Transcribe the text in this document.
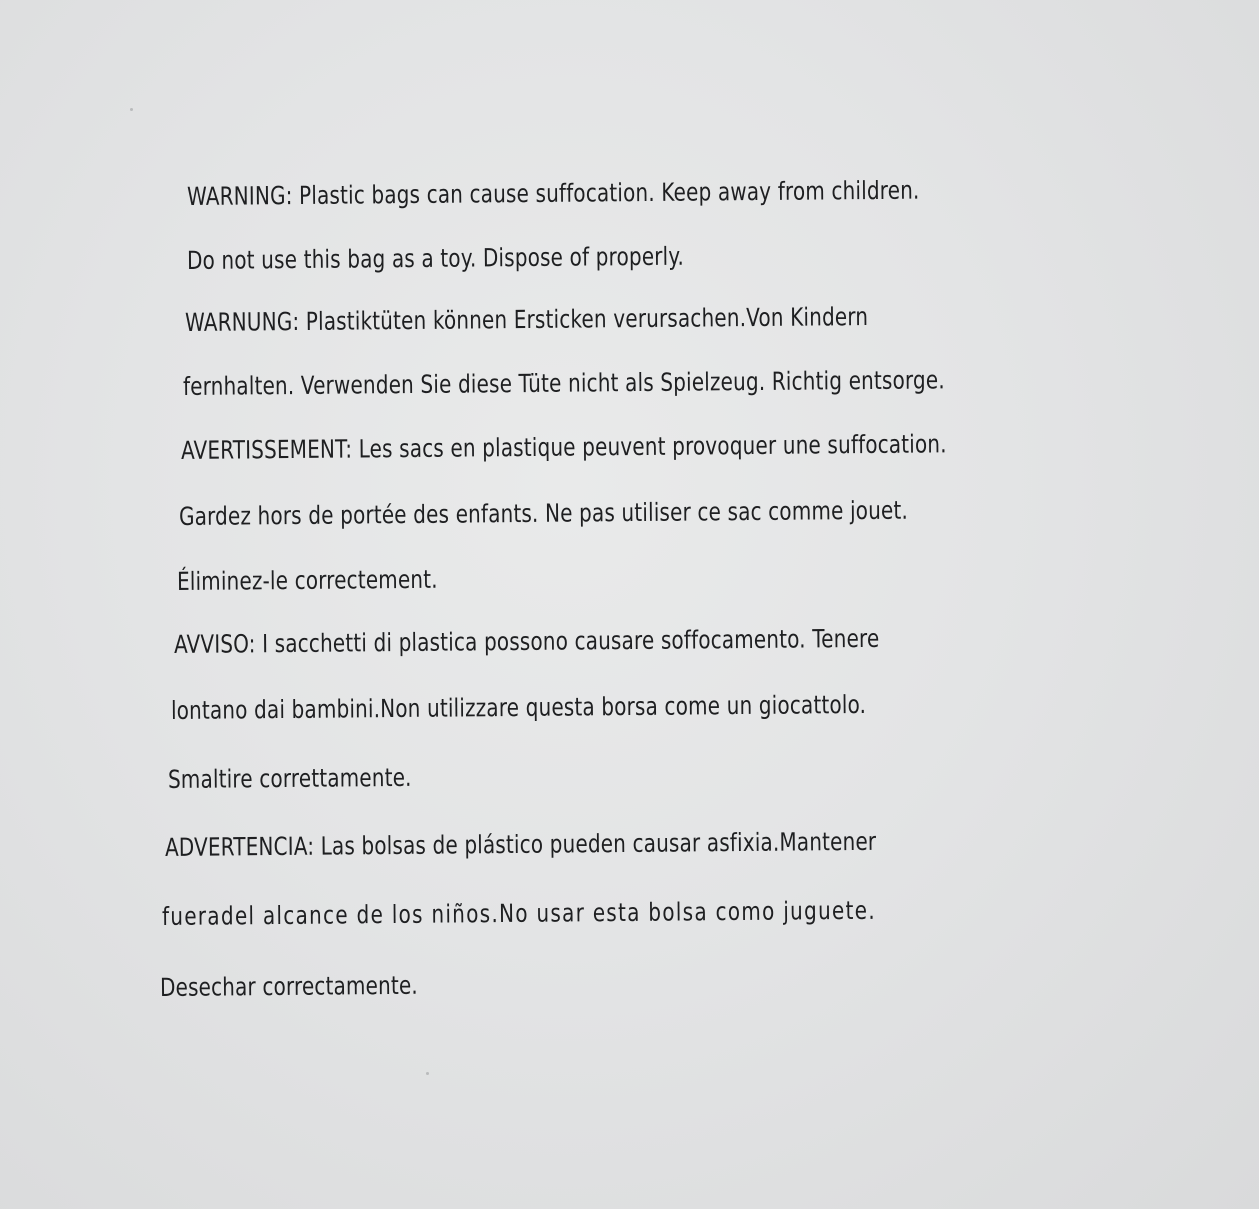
WARNING: Plastic bags can cause suffocation. Keep away from children.
Do not use this bag as a toy. Dispose of properly.
WARNUNG: Plastiktüten können Ersticken verursachen.Von Kindern
fernhalten. Verwenden Sie diese Tüte nicht als Spielzeug. Richtig entsorge.
AVERTISSEMENT: Les sacs en plastique peuvent provoquer une suffocation.
Gardez hors de portée des enfants. Ne pas utiliser ce sac comme jouet.
Éliminez-le correctement.
AVVISO: I sacchetti di plastica possono causare soffocamento. Tenere
lontano dai bambini.Non utilizzare questa borsa come un giocattolo.
Smaltire correttamente.
ADVERTENCIA: Las bolsas de plástico pueden causar asfixia.Mantener
fueradel alcance de los niños.No usar esta bolsa como juguete.
Desechar correctamente.
